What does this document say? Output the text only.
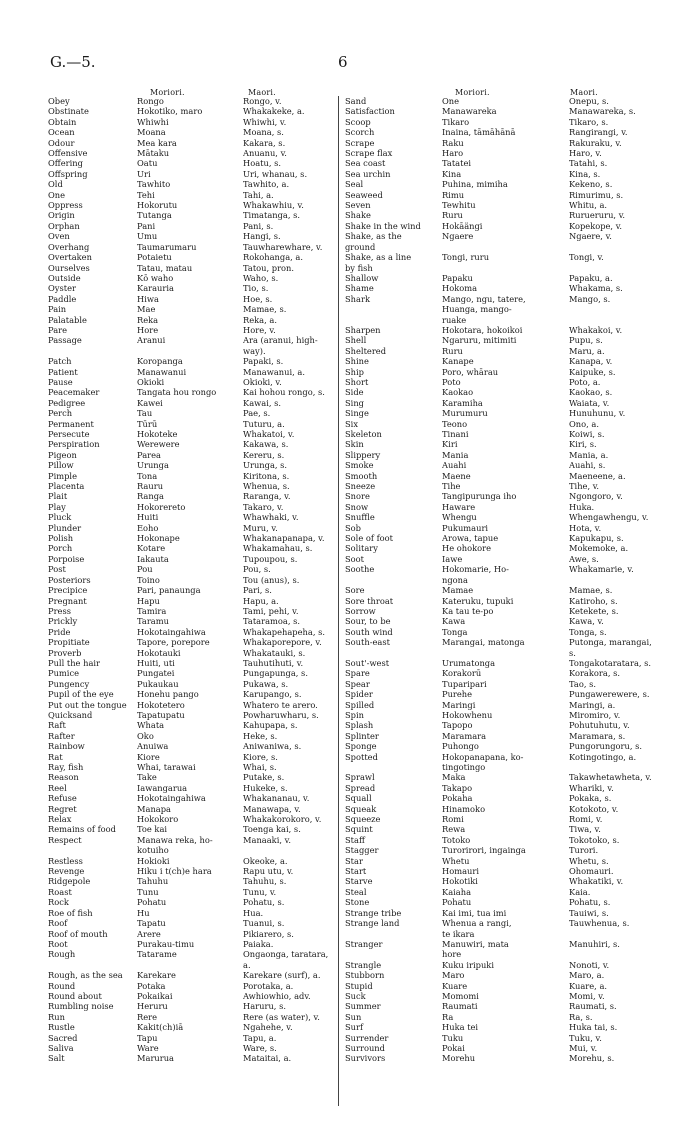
G.—5.	6
Moriori.	Maori.	Moriori.	Maori.
Obey	Rongo	Rongo, v.
Obstinate	Hokotiko, maro	Whakakeke, a.
Obtain	Whiwhi	Whiwhi, v.
Ocean	Moana	Moana, s.
Odour	Mea kara	Kakara, s.
Offensive	Mātaku	Anuanu, v.
Offering	Oatu	Hoatu, s.
Offspring	Uri	Uri, whanau, s.
Old	Tawhito	Tawhito, a.
One	Tehi	Tahi, a.
Oppress	Hokorutu	Whakawhiu, v.
Origin	Tutanga	Timatanga, s.
Orphan	Pani	Pani, s.
Oven	Umu	Hangi, s.
Overhang	Taumarumaru	Tauwharewhare, v.
Overtaken	Potaietu	Rokohanga, a.
Ourselves	Tatau, matau	Tatou, pron.
Outside	Kō waho	Waho, s.
Oyster	Karauria	Tio, s.
Paddle	Hiwa	Hoe, s.
Pain	Mae	Mamae, s.
Palatable	Reka	Reka, a.
Pare	Hore	Hore, v.
Passage	Aranui	Ara (aranui, high-
way).
Patch	Koropanga	Papaki, s.
Patient	Manawanui	Manawanui, a.
Pause	Okioki	Okioki, v.
Peacemaker	Tangata hou rongo	Kai hohou rongo, s.
Pedigree	Kawei	Kawai, s.
Perch	Tau	Pae, s.
Permanent	Tūrū	Tuturu, a.
Persecute	Hokoteke	Whakatoi, v.
Perspiration	Werewere	Kakawa, s.
Pigeon	Parea	Kereru, s.
Pillow	Urunga	Urunga, s.
Pimple	Tona	Kiritona, s.
Placenta	Rauru	Whenua, s.
Plait	Ranga	Raranga, v.
Play	Hokorereto	Takaro, v.
Pluck	Huiti	Whawhaki, v.
Plunder	Eoho	Muru, v.
Polish	Hokonape	Whakanapanapa, v.
Porch	Kotare	Whakamahau, s.
Porpoise	Iakauta	Tupoupou, s.
Post	Pou	Pou, s.
Posteriors	Toino	Tou (anus), s.
Precipice	Pari, panaunga	Pari, s.
Pregnant	Hapu	Hapu, a.
Press	Tamira	Tami, pehi, v.
Prickly	Taramu	Tataramoa, s.
Pride	Hokotaingahiwa	Whakapehapeha, s.
Propitiate	Tapore, porepore	Whakaporepore, v.
Proverb	Hokotauki	Whakatauki, s.
Pull the hair	Huiti, uti	Tauhutihuti, v.
Pumice	Pungatei	Pungapunga, s.
Pungency	Pukaukau	Pukawa, s.
Pupil of the eye	Honehu pango	Karupango, s.
Put out the tongue	Hokotetero	Whatero te arero.
Quicksand	Tapatupatu	Powharuwharu, s.
Raft	Whata	Kahupapa, s.
Rafter	Oko	Heke, s.
Rainbow	Anuiwa	Aniwaniwa, s.
Rat	Kiore	Kiore, s.
Ray, fish	Whai, tarawai	Whai, s.
Reason	Take	Putake, s.
Reel	Iawangarua	Hukeke, s.
Refuse	Hokotaingahiwa	Whakananau, v.
Regret	Manapa	Manawapa, v.
Relax	Hokokoro	Whakakorokoro, v.
Remains of food	Toe kai	Toenga kai, s.
Respect	Manawa reka, ho-	Manaaki, v.
kotuiho
Restless	Hokioki	Okeoke, a.
Revenge	Hiku i t(ch)e hara	Rapu utu, v.
Ridgepole	Tahuhu	Tahuhu, s.
Roast	Tunu	Tunu, v.
Rock	Pohatu	Pohatu, s.
Roe of fish	Hu	Hua.
Roof	Tapatu	Tuanui, s.
Roof of mouth	Arere	Pikiarero, s.
Root	Purakau-timu	Paiaka.
Rough	Tatarame	Ongaonga, taratara,
a.
Rough, as the sea	Karekare	Karekare (surf), a.
Round	Potaka	Porotaka, a.
Round about	Pokaikai	Awhiowhio, adv.
Rumbling noise	Heruru	Haruru, s.
Run	Rere	Rere (as water), v.
Rustle	Kakit(ch)iā	Ngahehe, v.
Sacred	Tapu	Tapu, a.
Saliva	Ware	Ware, s.
Salt	Marurua	Mataitai, a.
Sand	One	Onepu, s.
Satisfaction	Manawareka	Manawareka, s.
Scoop	Tikaro	Tikaro, s.
Scorch	Inaina, tāmāhānā	Rangirangi, v.
Scrape	Raku	Rakuraku, v.
Scrape flax	Haro	Haro, v.
Sea coast	Tatatei	Tatahi, s.
Sea urchin	Kina	Kina, s.
Seal	Puhina, mimiha	Kekeno, s.
Seaweed	Rimu	Rimurimu, s.
Seven	Tewhitu	Whitu, a.
Shake	Ruru	Ruruеruru, v.
Shake in the wind	Hokāängi	Kopekope, v.
Shake, as the	Ngaere	Ngaere, v.
ground
Shake, as a line	Tongi, ruru	Tongi, v.
by fish
Shallow	Papaku	Papaku, a.
Shame	Hokoma	Whakama, s.
Shark	Mango, ngu, tatere,	Mango, s.
Huanga, mango-
ruake
Sharpen	Hokotara, hokoikoi	Whakakoi, v.
Shell	Ngaruru, mitimiti	Pupu, s.
Sheltered	Ruru	Maru, a.
Shine	Kanape	Kanapa, v.
Ship	Poro, whārau	Kaipuke, s.
Short	Poto	Poto, a.
Side	Kaokao	Kaokao, s.
Sing	Karamiha	Waiata, v.
Singe	Murumuru	Hunuhunu, v.
Six	Teono	Ono, a.
Skeleton	Tinani	Koiwi, s.
Skin	Kiri	Kiri, s.
Slippery	Mania	Mania, a.
Smoke	Auahi	Auahi, s.
Smooth	Maene	Maeneene, a.
Sneeze	Tihe	Tihe, v.
Snore	Tangipurunga iho	Ngongoro, v.
Snow	Haware	Huka.
Snuffle	Whengu	Whengawhengu, v.
Sob	Pukumauri	Hota, v.
Sole of foot	Arowa, tapue	Kapukapu, s.
Solitary	He ohokore	Mokemoke, a.
Soot	Iawe	Awe, s.
Soothe	Hokomarie, Ho-	Whakamarie, v.
ngona
Sore	Mamae	Mamae, s.
Sore throat	Kateruku, tupuki	Katiroho, s.
Sorrow	Ka tau te-po	Ketekete, s.
Sour, to be	Kawa	Kawa, v.
South wind	Tonga	Tonga, s.
South-east	Marangai, matonga	Putonga, marangai,
s.
Sout'-west	Urumatonga	Tongakotaratara, s.
Spare	Korakorū	Korakora, s.
Spear	Tuparipari	Tao, s.
Spider	Purehe	Pungawerewere, s.
Spilled	Maringi	Maringi, a.
Spin	Hokowhenu	Miromiro, v.
Splash	Tapopo	Pohutuhutu, v.
Splinter	Maramara	Maramara, s.
Sponge	Puhongo	Pungorungoru, s.
Spotted	Hokopanapana, ko-	Kotingotingo, a.
tingotingo
Sprawl	Maka	Takawhetawheta, v.
Spread	Takapo	Whariki, v.
Squall	Pokaha	Pokaka, s.
Squeak	Hinamoko	Kotokoto, v.
Squeeze	Romi	Romi, v.
Squint	Rewa	Tiwa, v.
Staff	Totoko	Tokotoko, s.
Stagger	Turorirori, ingainga	Turori.
Star	Whetu	Whetu, s.
Start	Homauri	Ohomauri.
Starve	Hokotiki	Whakatiki, v.
Steal	Kaiaha	Kaia.
Stone	Pohatu	Pohatu, s.
Strange tribe	Kai imi, tua imi	Tauiwi, s.
Strange land	Whenua a rangi,	Tauwhenua, s.
te ikara
Stranger	Manuwiri, mata	Manuhiri, s.
hore
Strangle	Kuku iripuki	Nonoti, v.
Stubborn	Maro	Maro, a.
Stupid	Kuare	Kuare, a.
Suck	Momomi	Momi, v.
Summer	Raumati	Raumati, s.
Sun	Ra	Ra, s.
Surf	Huka tei	Huka tai, s.
Surrender	Tuku	Tuku, v.
Surround	Pokai	Mui, v.
Survivors	Morehu	Morehu, s.
